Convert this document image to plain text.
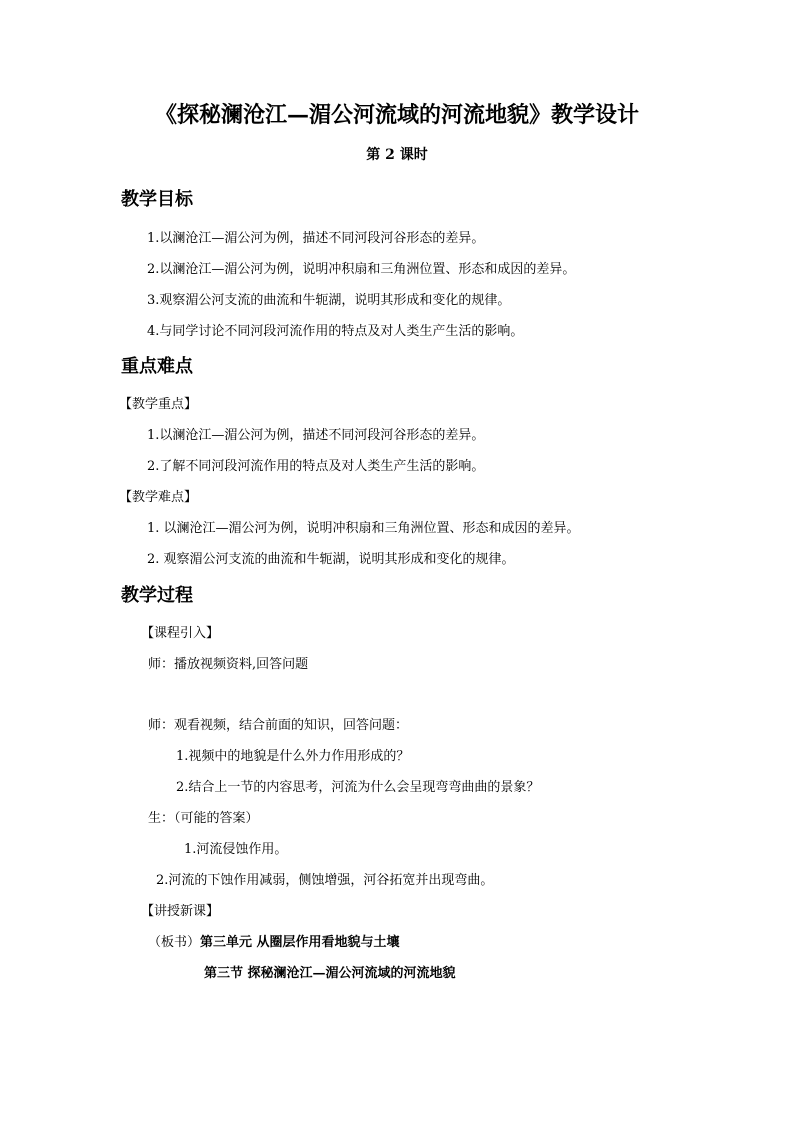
《探秘澜沧江—湄公河流域的河流地貌》教学设计
第 2 课时
教学目标
1.以澜沧江—湄公河为例，描述不同河段河谷形态的差异。
2.以澜沧江—湄公河为例，说明冲积扇和三角洲位置、形态和成因的差异。
3.观察湄公河支流的曲流和牛轭湖，说明其形成和变化的规律。
4.与同学讨论不同河段河流作用的特点及对人类生产生活的影响。
重点难点
【教学重点】
1.以澜沧江—湄公河为例，描述不同河段河谷形态的差异。
2.了解不同河段河流作用的特点及对人类生产生活的影响。
【教学难点】
1. 以澜沧江—湄公河为例，说明冲积扇和三角洲位置、形态和成因的差异。
2. 观察湄公河支流的曲流和牛轭湖，说明其形成和变化的规律。
教学过程
【课程引入】
师：播放视频资料,回答问题
师：观看视频，结合前面的知识，回答问题：
1.视频中的地貌是什么外力作用形成的？
2.结合上一节的内容思考，河流为什么会呈现弯弯曲曲的景象？
生：（可能的答案）
1.河流侵蚀作用。
2.河流的下蚀作用减弱，侧蚀增强，河谷拓宽并出现弯曲。
【讲授新课】
（板书）第三单元 从圈层作用看地貌与土壤
第三节 探秘澜沧江—湄公河流域的河流地貌
